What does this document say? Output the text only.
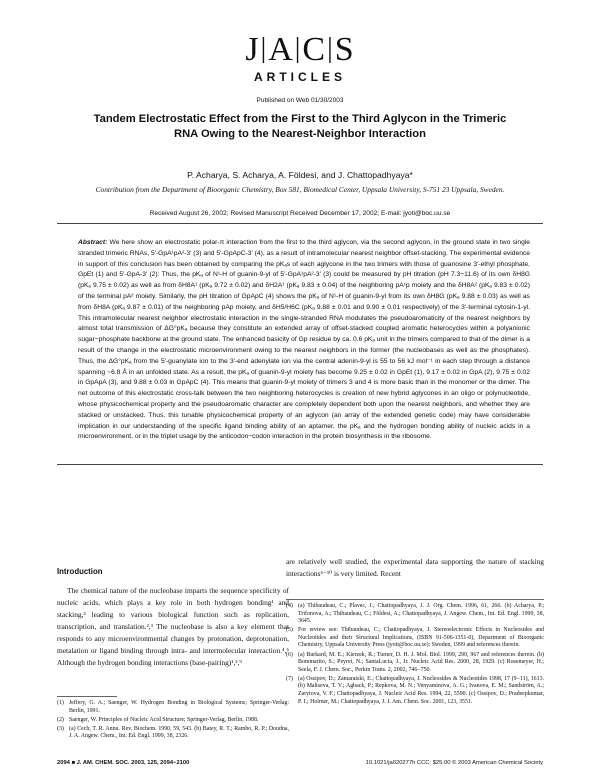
J | A | C | S
ARTICLES
Published on Web 01/30/2003
Tandem Electrostatic Effect from the First to the Third Aglycon in the Trimeric RNA Owing to the Nearest-Neighbor Interaction
P. Acharya, S. Acharya, A. Földesi, and J. Chattopadhyaya*
Contribution from the Department of Bioorganic Chemistry, Box 581, Biomedical Center, Uppsala University, S-751 23 Uppsala, Sweden.
Received August 26, 2002; Revised Manuscript Received December 17, 2002; E-mail: jyoti@boc.uu.se

Abstract: We here show an electrostatic polar-π interaction from the first to the third aglycon, via the second aglycon, in the ground state in two single stranded trimeric RNAs, 5′-GpA¹pA²-3′ (3) and 5′-GpApC-3′ (4), as a result of intramolecular nearest neighbor offset-stacking. The experimental evidence in support of this conclusion has been obtained by comparing the pKₐs of each aglycone in the two trimers with those of guanosine 3′-ethyl phosphate, GpEt (1) and 5′-GpA-3′ (2): Thus, the pKₐ of N¹-H of guanin-9-yl of 5′-GpA¹pA²-3′ (3) could be measured by pH titration (pH 7.3−11.6) of its own δH8G (pKₐ 9.75 ± 0.02) as well as from δH8A¹ (pKₐ 9.72 ± 0.02) and δH2A¹ (pKₐ 9.83 ± 0.04) of the neighboring pA¹p moiety and the δH8A² (pKₐ 9.83 ± 0.02) of the terminal pA² moiety. Similarly, the pH titration of GpApC (4) shows the pKₐ of N¹-H of guanin-9-yl from its own δH8G (pKₐ 9.88 ± 0.03) as well as from δH8A (pKₐ 9.87 ± 0.01) of the neighboring pAp moiety, and δH5/H6C (pKₐ 9.88 ± 0.01 and 9.90 ± 0.01 respectively) of the 3′-terminal cytosin-1-yl. This intramolecular nearest neighbor electrostatic interaction in the single-stranded RNA modulates the pseudoaromaticity of the nearest neighbors by almost total transmission of ΔG°pKₐ because they constitute an extended array of offset-stacked coupled aromatic heterocycles within a polyanionic sugar−phosphate backbone at the ground state. The enhanced basicity of Gp residue by ca. 0.6 pKₐ unit in the trimers compared to that of the dimer is a result of the change in the electrostatic microenvironment owing to the nearest neighbors in the former (the nucleobases as well as the phosphates). Thus, the ΔG°pKₐ from the 5′-guanylate ion to the 3′-end adenylate ion via the central adenin-9-yl is 55 to 56 kJ mol⁻¹ in each step through a distance spanning ~6.8 Å in an unfolded state. As a result, the pKₐ of guanin-9-yl moiety has become 9.25 ± 0.02 in GpEt (1), 9.17 ± 0.02 in GpA (2), 9.75 ± 0.02 in GpApA (3), and 9.88 ± 0.03 in GpApC (4). This means that guanin-9-yl moiety of trimers 3 and 4 is more basic than in the monomer or the dimer. The net outcome of this electrostatic cross-talk between the two neighboring heterocycles is creation of new hybrid aglycones in an oligo or polynucleotide, whose physicochemical property and the pseudoaromatic character are completely dependent both upon the nearest neighbors, and whether they are stacked or unstacked. Thus, this tunable physicochemical property of an aglycon (an array of the extended genetic code) may have considerable implication in our understanding of the specific ligand binding ability of an aptamer, the pKₐ and the hydrogen bonding ability of nucleic acids in a microenvironment, or in the triplet usage by the anticodon−codon interaction in the protein biosynthesis in the ribosome.

Introduction

The chemical nature of the nucleobase imparts the sequence specificity of nucleic acids, which plays a key role in both hydrogen bonding¹ and stacking,² leading to various biological function such as replication, transcription, and translation.²,³ The nucleobase is also a key element that responds to any microenvironmental changes by protonation, deprotonation, metalation or ligand binding through intra- and intermolecular interaction.⁴,⁵ Although the hydrogen bonding interactions (base-pairing)¹,²,⁹

are relatively well studied, the experimental data supporting the nature of stacking interactions⁶⁻¹⁰ is very limited. Recent

(1) Jeffery, G. A.; Saenger, W. Hydrogen Bonding in Biological Systems; Springer-Verlag: Berlin, 1991.
(2) Saenger, W. Principles of Nucleic Acid Structure; Springer-Verlag, Berlin, 1988.
(3) (a) Cech, T. R. Annu. Rev. Biochem. 1990, 59, 543. (b) Batey, R. T.; Rambo, R. P.; Doudna, J. A. Angew. Chem., Int. Ed. Engl. 1999, 38, 2326.
(4) (a) Thibaudeau, C.; Plavec, J.; Chattopadhyaya, J. J. Org. Chem. 1996, 61, 266. (b) Acharya, P.; Trifonova, A.; Thibaudeau, C.; Földesi, A.; Chattopadhyaya, J. Angew. Chem., Int. Ed. Engl. 1999, 38, 3645.
(5) For review see: Thibaudeau, C.; Chattopadhyaya, J. Stereoelectronic Effects in Nucleosides and Nucleotides and their Structural Implications, (ISBN 91-506-1351-0), Department of Bioorganic Chemistry, Uppsala University Press (jyoti@boc.uu.se): Sweden, 1999 and references therein.
(6) (a) Burkard, M. E.; Kierzek, R.; Turner, D. H. J. Mol. Biol. 1999, 290, 967 and references therein. (b) Bommarito, S.; Peyret, N.; SantaLucia, J., Jr. Nucleic Acid Res. 2000, 28, 1929. (c) Rosemeyer, H.; Seela, F. J. Chem. Soc., Perkin Trans. 2, 2002, 746−750.
(7) (a) Ossipov, D.; Zamaratski, E.; Chattopadhyaya, J. Nucleosides & Nucleotides 1998, 17 (9−11), 1613. (b) Maltseva, T. V.; Agback, P.; Repkova, M. N.; Venyaminova, A. G.; Ivanova, E. M.; Sandström, A.; Zarytova, V. F.; Chattopadhyaya, J. Nucleic Acid Res. 1994, 22, 5590. (c) Ossipov, D.; Pradeepkumar, P. I.; Holmer, M.; Chattopadhyaya, J. J. Am. Chem. Soc. 2001, 123, 3551.
2094 ■ J. AM. CHEM. SOC. 2003, 125, 2094−2100	10.1021/ja020277h CCC: $25.00 © 2003 American Chemical Society
